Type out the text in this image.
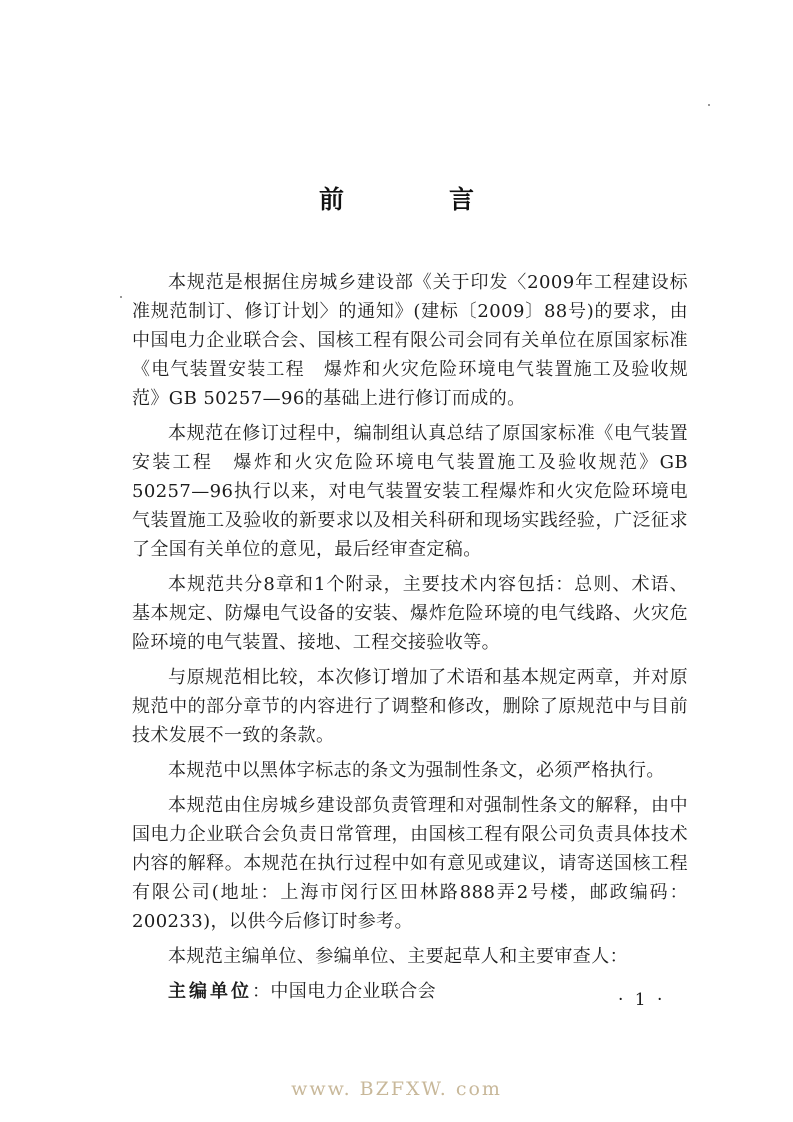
前　言

本规范是根据住房城乡建设部《关于印发〈2009年工程建设标准规范制订、修订计划〉的通知》(建标〔2009〕88号)的要求，由中国电力企业联合会、国核工程有限公司会同有关单位在原国家标准《电气装置安装工程　爆炸和火灾危险环境电气装置施工及验收规范》GB 50257—96的基础上进行修订而成的。

本规范在修订过程中，编制组认真总结了原国家标准《电气装置安装工程　爆炸和火灾危险环境电气装置施工及验收规范》GB 50257—96执行以来，对电气装置安装工程爆炸和火灾危险环境电气装置施工及验收的新要求以及相关科研和现场实践经验，广泛征求了全国有关单位的意见，最后经审查定稿。

本规范共分8章和1个附录，主要技术内容包括：总则、术语、基本规定、防爆电气设备的安装、爆炸危险环境的电气线路、火灾危险环境的电气装置、接地、工程交接验收等。

与原规范相比较，本次修订增加了术语和基本规定两章，并对原规范中的部分章节的内容进行了调整和修改，删除了原规范中与目前技术发展不一致的条款。

本规范中以黑体字标志的条文为强制性条文，必须严格执行。

本规范由住房城乡建设部负责管理和对强制性条文的解释，由中国电力企业联合会负责日常管理，由国核工程有限公司负责具体技术内容的解释。本规范在执行过程中如有意见或建议，请寄送国核工程有限公司(地址：上海市闵行区田林路888弄2号楼，邮政编码：200233)，以供今后修订时参考。

本规范主编单位、参编单位、主要起草人和主要审查人：

主编单位：中国电力企业联合会	· 1 ·
www. BZFXW. com
